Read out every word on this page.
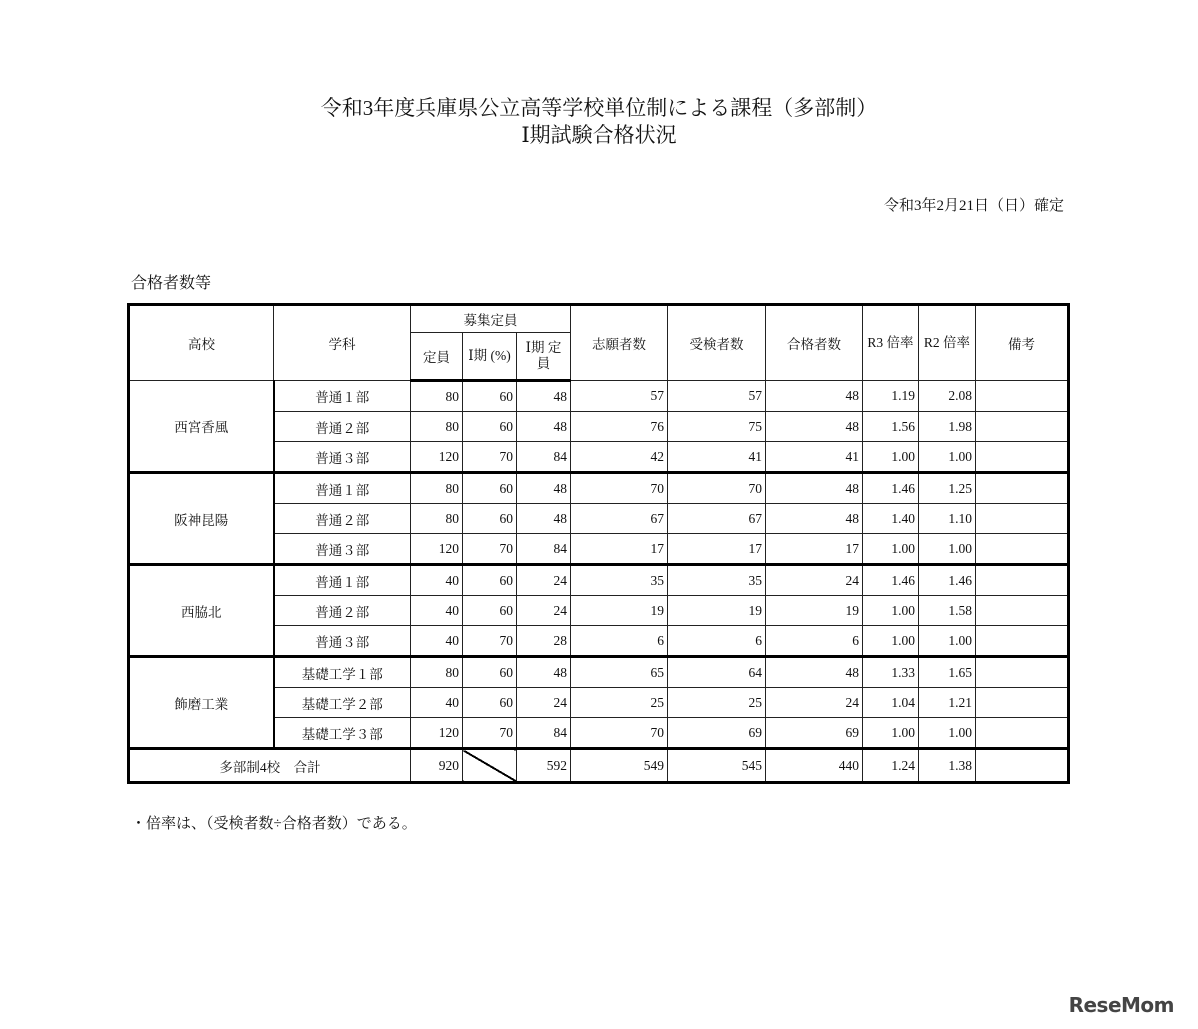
令和3年度兵庫県公立高等学校単位制による課程（多部制）
Ⅰ期試験合格状況
令和3年2月21日（日）確定
合格者数等
高校	学科	募集定員			志願者数	受検者数	合格者数	R3 倍率	R2 倍率	備考
		定員	Ⅰ期 (%)	Ⅰ期 定員						
西宮香風	普通１部	80	60	48	57	57	48	1.19	2.08	
	普通２部	80	60	48	76	75	48	1.56	1.98	
	普通３部	120	70	84	42	41	41	1.00	1.00	
阪神昆陽	普通１部	80	60	48	70	70	48	1.46	1.25	
	普通２部	80	60	48	67	67	48	1.40	1.10	
	普通３部	120	70	84	17	17	17	1.00	1.00	
西脇北	普通１部	40	60	24	35	35	24	1.46	1.46	
	普通２部	40	60	24	19	19	19	1.00	1.58	
	普通３部	40	70	28	6	6	6	1.00	1.00	
飾磨工業	基礎工学１部	80	60	48	65	64	48	1.33	1.65	
	基礎工学２部	40	60	24	25	25	24	1.04	1.21	
	基礎工学３部	120	70	84	70	69	69	1.00	1.00	
多部制4校　合計		920		592	549	545	440	1.24	1.38	
・倍率は、（受検者数÷合格者数）である。
ReseMom
